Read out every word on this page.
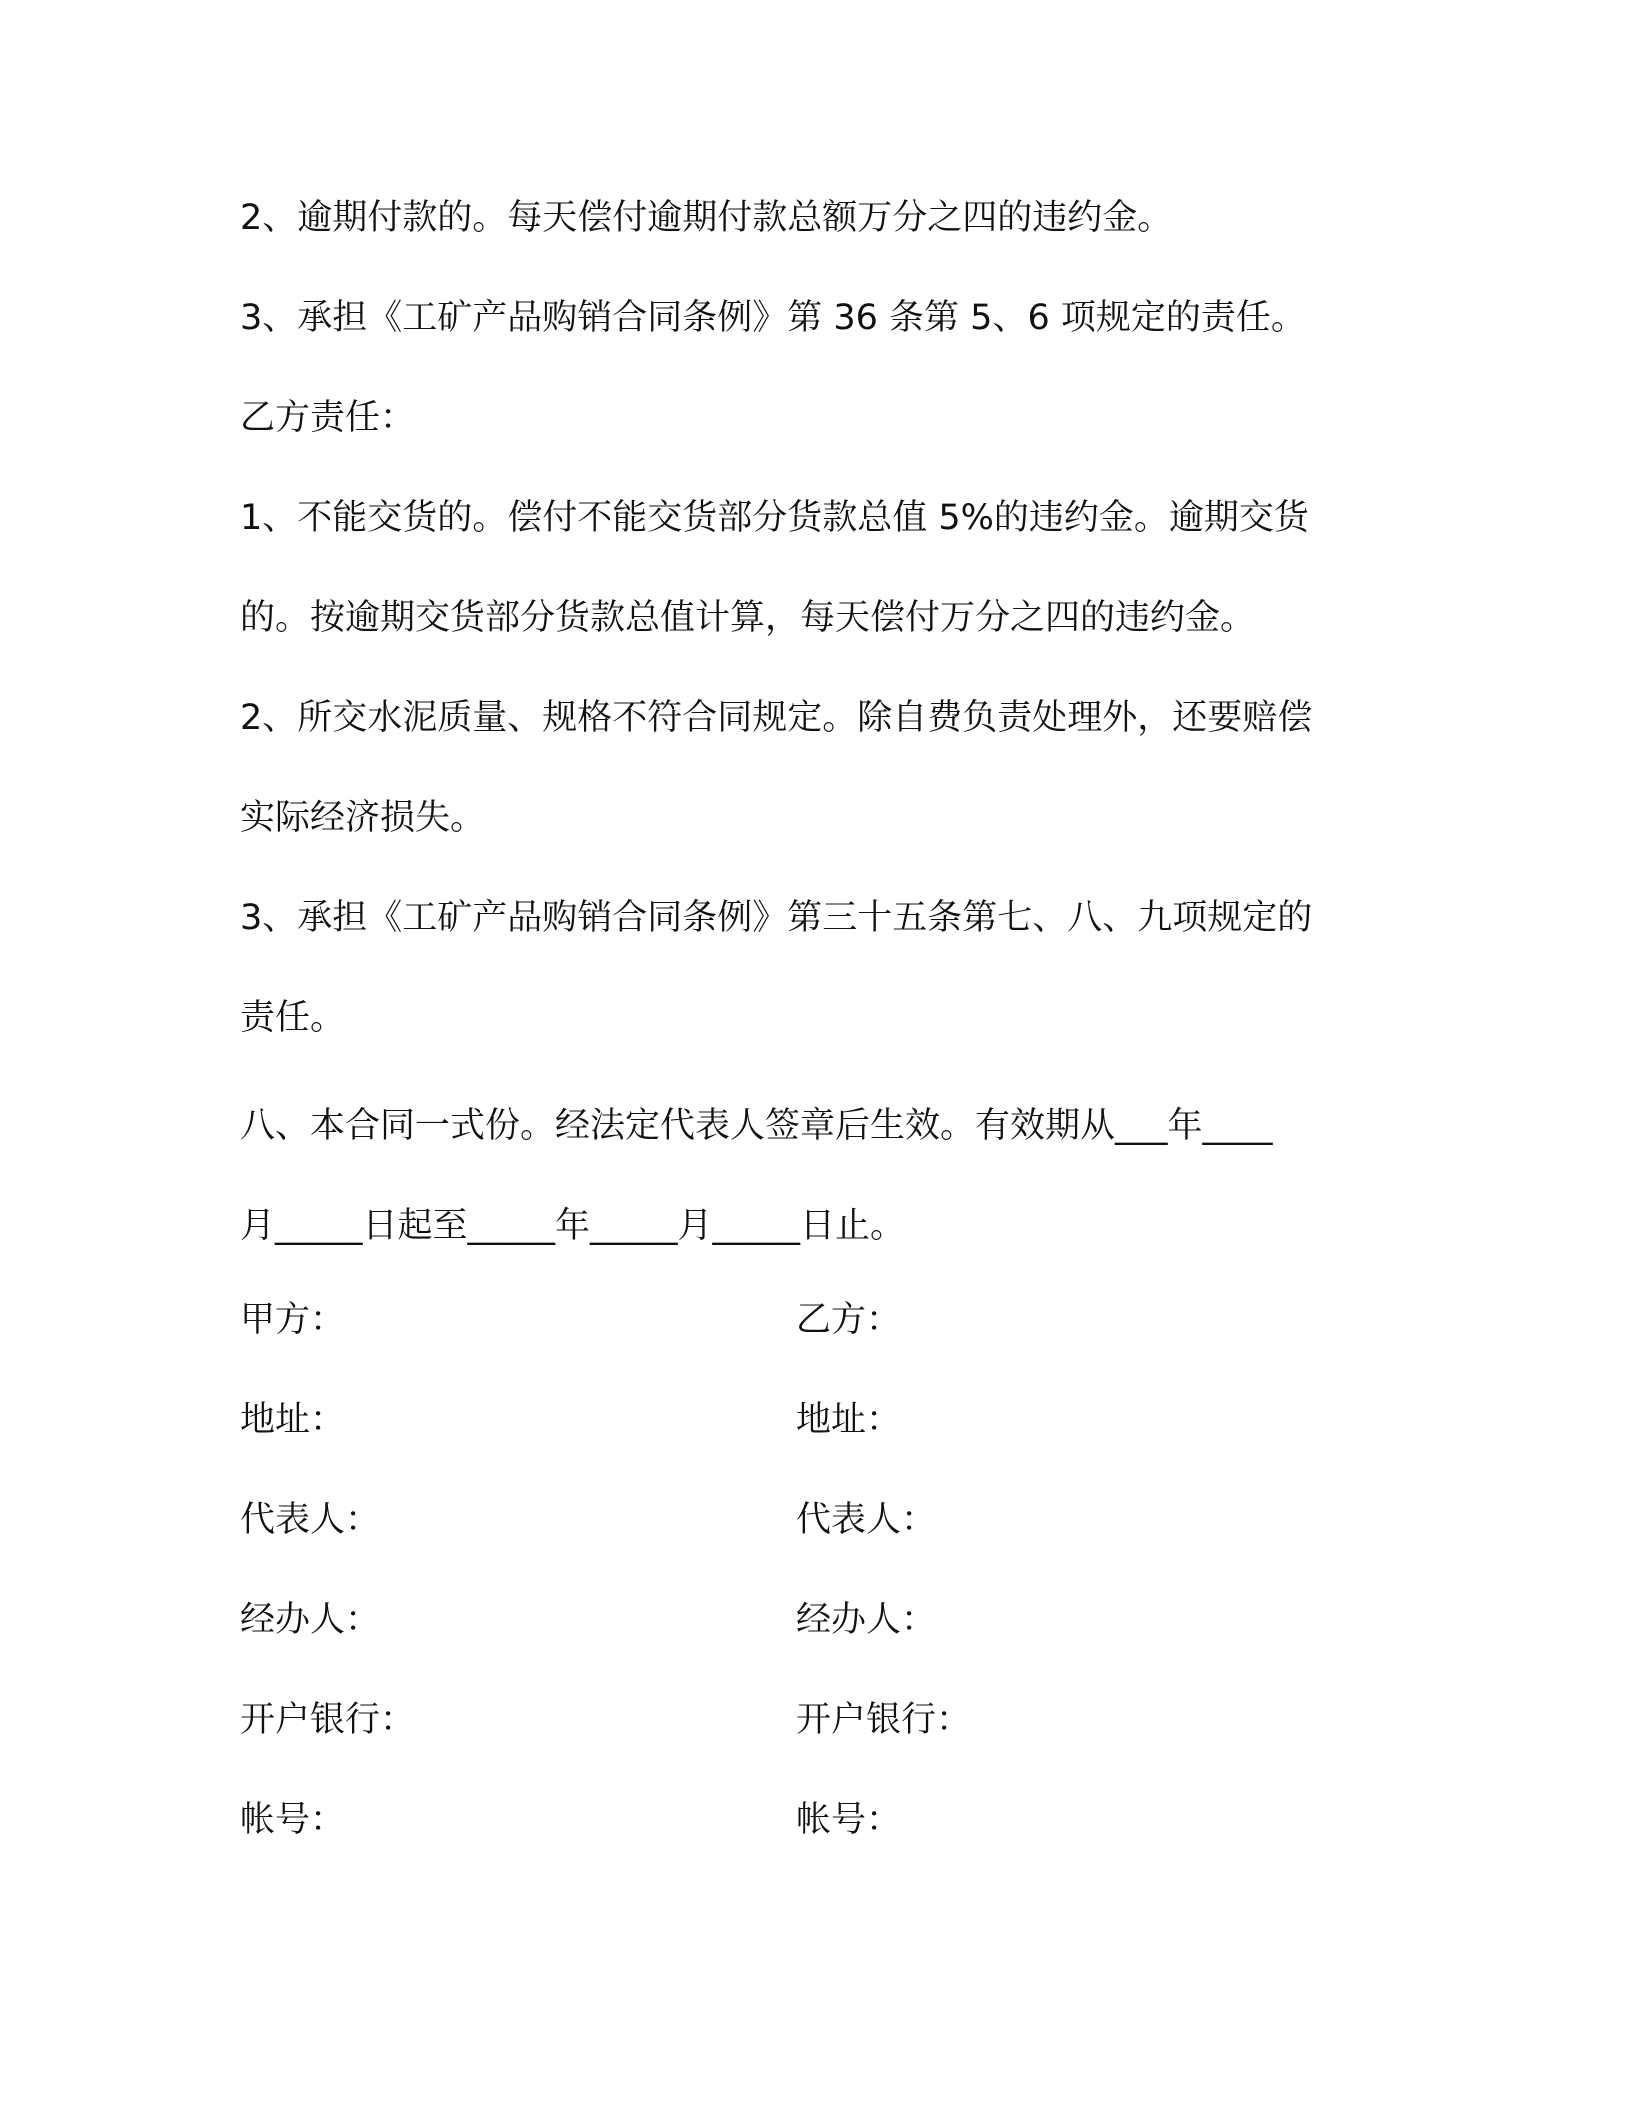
2、逾期付款的。每天偿付逾期付款总额万分之四的违约金。
3、承担《工矿产品购销合同条例》第 36 条第 5、6 项规定的责任。
乙方责任：
1、不能交货的。偿付不能交货部分货款总值 5%的违约金。逾期交货
的。按逾期交货部分货款总值计算，每天偿付万分之四的违约金。
2、所交水泥质量、规格不符合同规定。除自费负责处理外，还要赔偿
实际经济损失。
3、承担《工矿产品购销合同条例》第三十五条第七、八、九项规定的
责任。
八、本合同一式份。经法定代表人签章后生效。有效期从___年____
月_____日起至_____年_____月_____日止。
甲方：	乙方：
地址：	地址：
代表人：	代表人：
经办人：	经办人：
开户银行：	开户银行：
帐号：	帐号：
